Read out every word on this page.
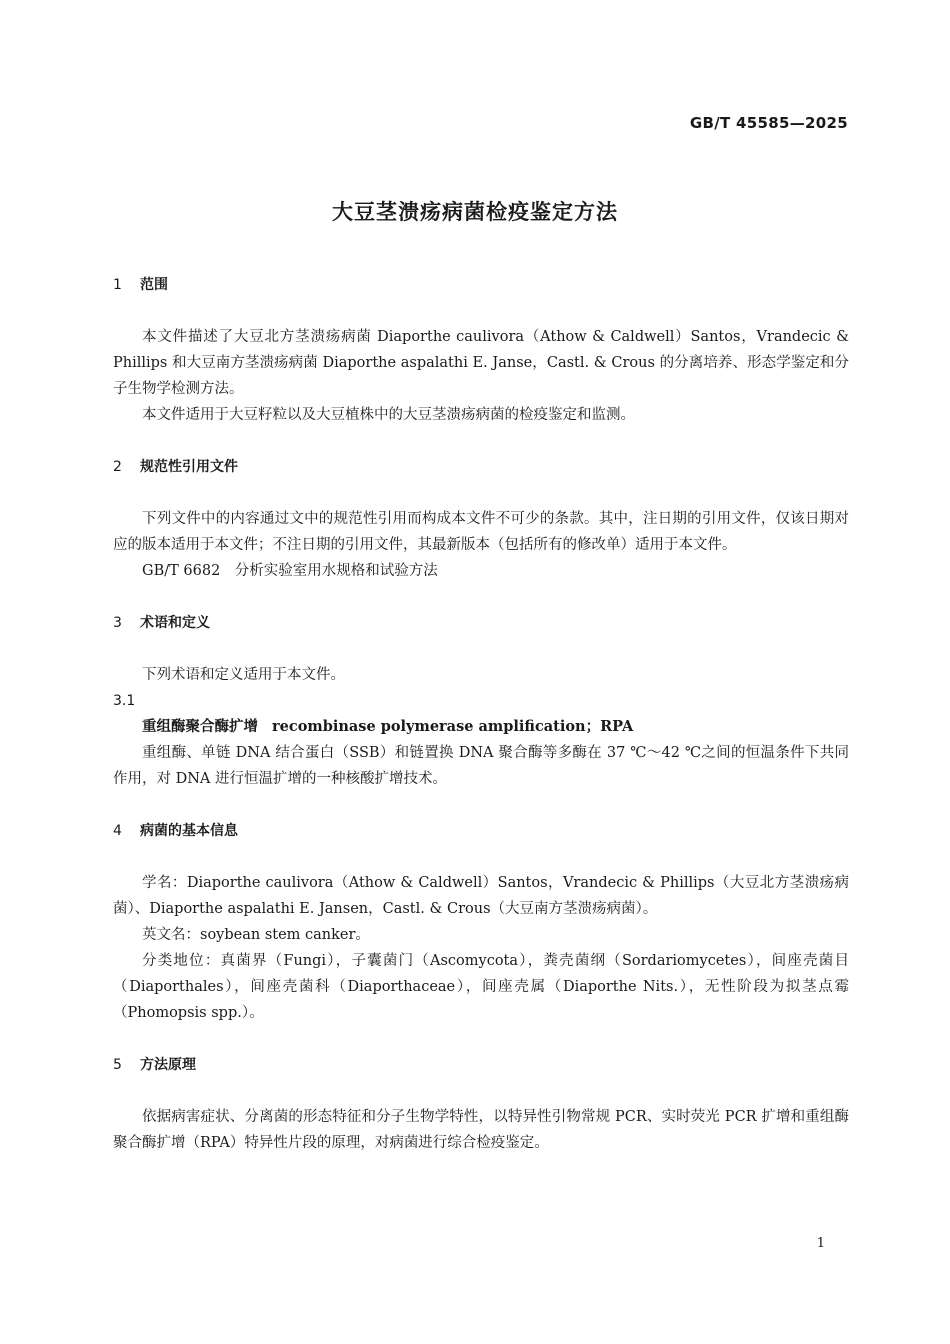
GB/T 45585—2025
大豆茎溃疡病菌检疫鉴定方法
1 范围

本文件描述了大豆北方茎溃疡病菌 Diaporthe caulivora（Athow & Caldwell）Santos，Vrandecic & Phillips 和大豆南方茎溃疡病菌 Diaporthe aspalathi E. Janse，Castl. & Crous 的分离培养、形态学鉴定和分子生物学检测方法。

本文件适用于大豆籽粒以及大豆植株中的大豆茎溃疡病菌的检疫鉴定和监测。

2 规范性引用文件

下列文件中的内容通过文中的规范性引用而构成本文件不可少的条款。其中，注日期的引用文件，仅该日期对应的版本适用于本文件；不注日期的引用文件，其最新版本（包括所有的修改单）适用于本文件。

GB/T 6682　分析实验室用水规格和试验方法

3 术语和定义

下列术语和定义适用于本文件。

3.1
重组酶聚合酶扩增 recombinase polymerase amplification；RPA

重组酶、单链 DNA 结合蛋白（SSB）和链置换 DNA 聚合酶等多酶在 37 ℃～42 ℃之间的恒温条件下共同作用，对 DNA 进行恒温扩增的一种核酸扩增技术。

4 病菌的基本信息

学名：Diaporthe caulivora（Athow & Caldwell）Santos，Vrandecic & Phillips（大豆北方茎溃疡病菌）、Diaporthe aspalathi E. Jansen，Castl. & Crous（大豆南方茎溃疡病菌）。

英文名：soybean stem canker。

分类地位：真菌界（Fungi），子囊菌门（Ascomycota），粪壳菌纲（Sordariomycetes），间座壳菌目（Diaporthales），间座壳菌科（Diaporthaceae），间座壳属（Diaporthe Nits.），无性阶段为拟茎点霉（Phomopsis spp.）。

5 方法原理

依据病害症状、分离菌的形态特征和分子生物学特性，以特异性引物常规 PCR、实时荧光 PCR 扩增和重组酶聚合酶扩增（RPA）特异性片段的原理，对病菌进行综合检疫鉴定。

1
